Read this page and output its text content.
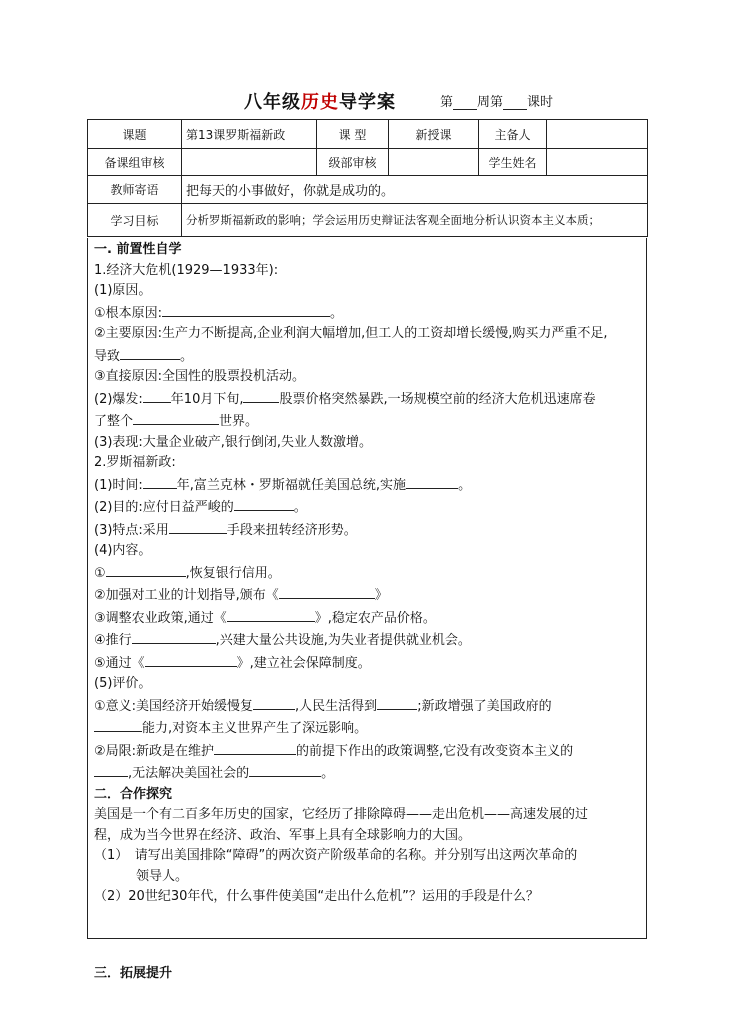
八年级历史导学案	第 周第 课时
课题	第13课罗斯福新政	课 型	新授课	主备人	
备课组审核		级部审核		学生姓名	
教师寄语	把每天的小事做好，你就是成功的。				
学习目标	分析罗斯福新政的影响；学会运用历史辩证法客观全面地分析认识资本主义本质；				

一. 前置性自学

1.经济大危机(1929—1933年):

(1)原因。

①根本原因:	。

②主要原因:生产力不断提高,企业利润大幅增加,但工人的工资却增长缓慢,购买力严重不足,

导致	。

③直接原因:全国性的股票投机活动。

(2)爆发: 年10月下旬,	股票价格突然暴跌,一场规模空前的经济大危机迅速席卷

了整个	世界。

(3)表现:大量企业破产,银行倒闭,失业人数激增。

2.罗斯福新政:

(1)时间:	年,富兰克林・罗斯福就任美国总统,实施	。

(2)目的:应付日益严峻的	。

(3)特点:采用	手段来扭转经济形势。

(4)内容。

①	,恢复银行信用。

②加强对工业的计划指导,颁布《	》

③调整农业政策,通过《	》,稳定农产品价格。

④推行	,兴建大量公共设施,为失业者提供就业机会。

⑤通过《	》,建立社会保障制度。

(5)评价。

①意义:美国经济开始缓慢复	,人民生活得到	;新政增强了美国政府的

能力,对资本主义世界产生了深远影响。

②局限:新政是在维护	的前提下作出的政策调整,它没有改变资本主义的

,无法解决美国社会的	。

二．合作探究

美国是一个有二百多年历史的国家，它经历了排除障碍——走出危机——高速发展的过

程，成为当今世界在经济、政治、军事上具有全球影响力的大国。

（1）　请写出美国排除“障碍”的两次资产阶级革命的名称。并分别写出这两次革命的

领导人。

（2）20世纪30年代，什么事件使美国“走出什么危机”？运用的手段是什么？

三．拓展提升
